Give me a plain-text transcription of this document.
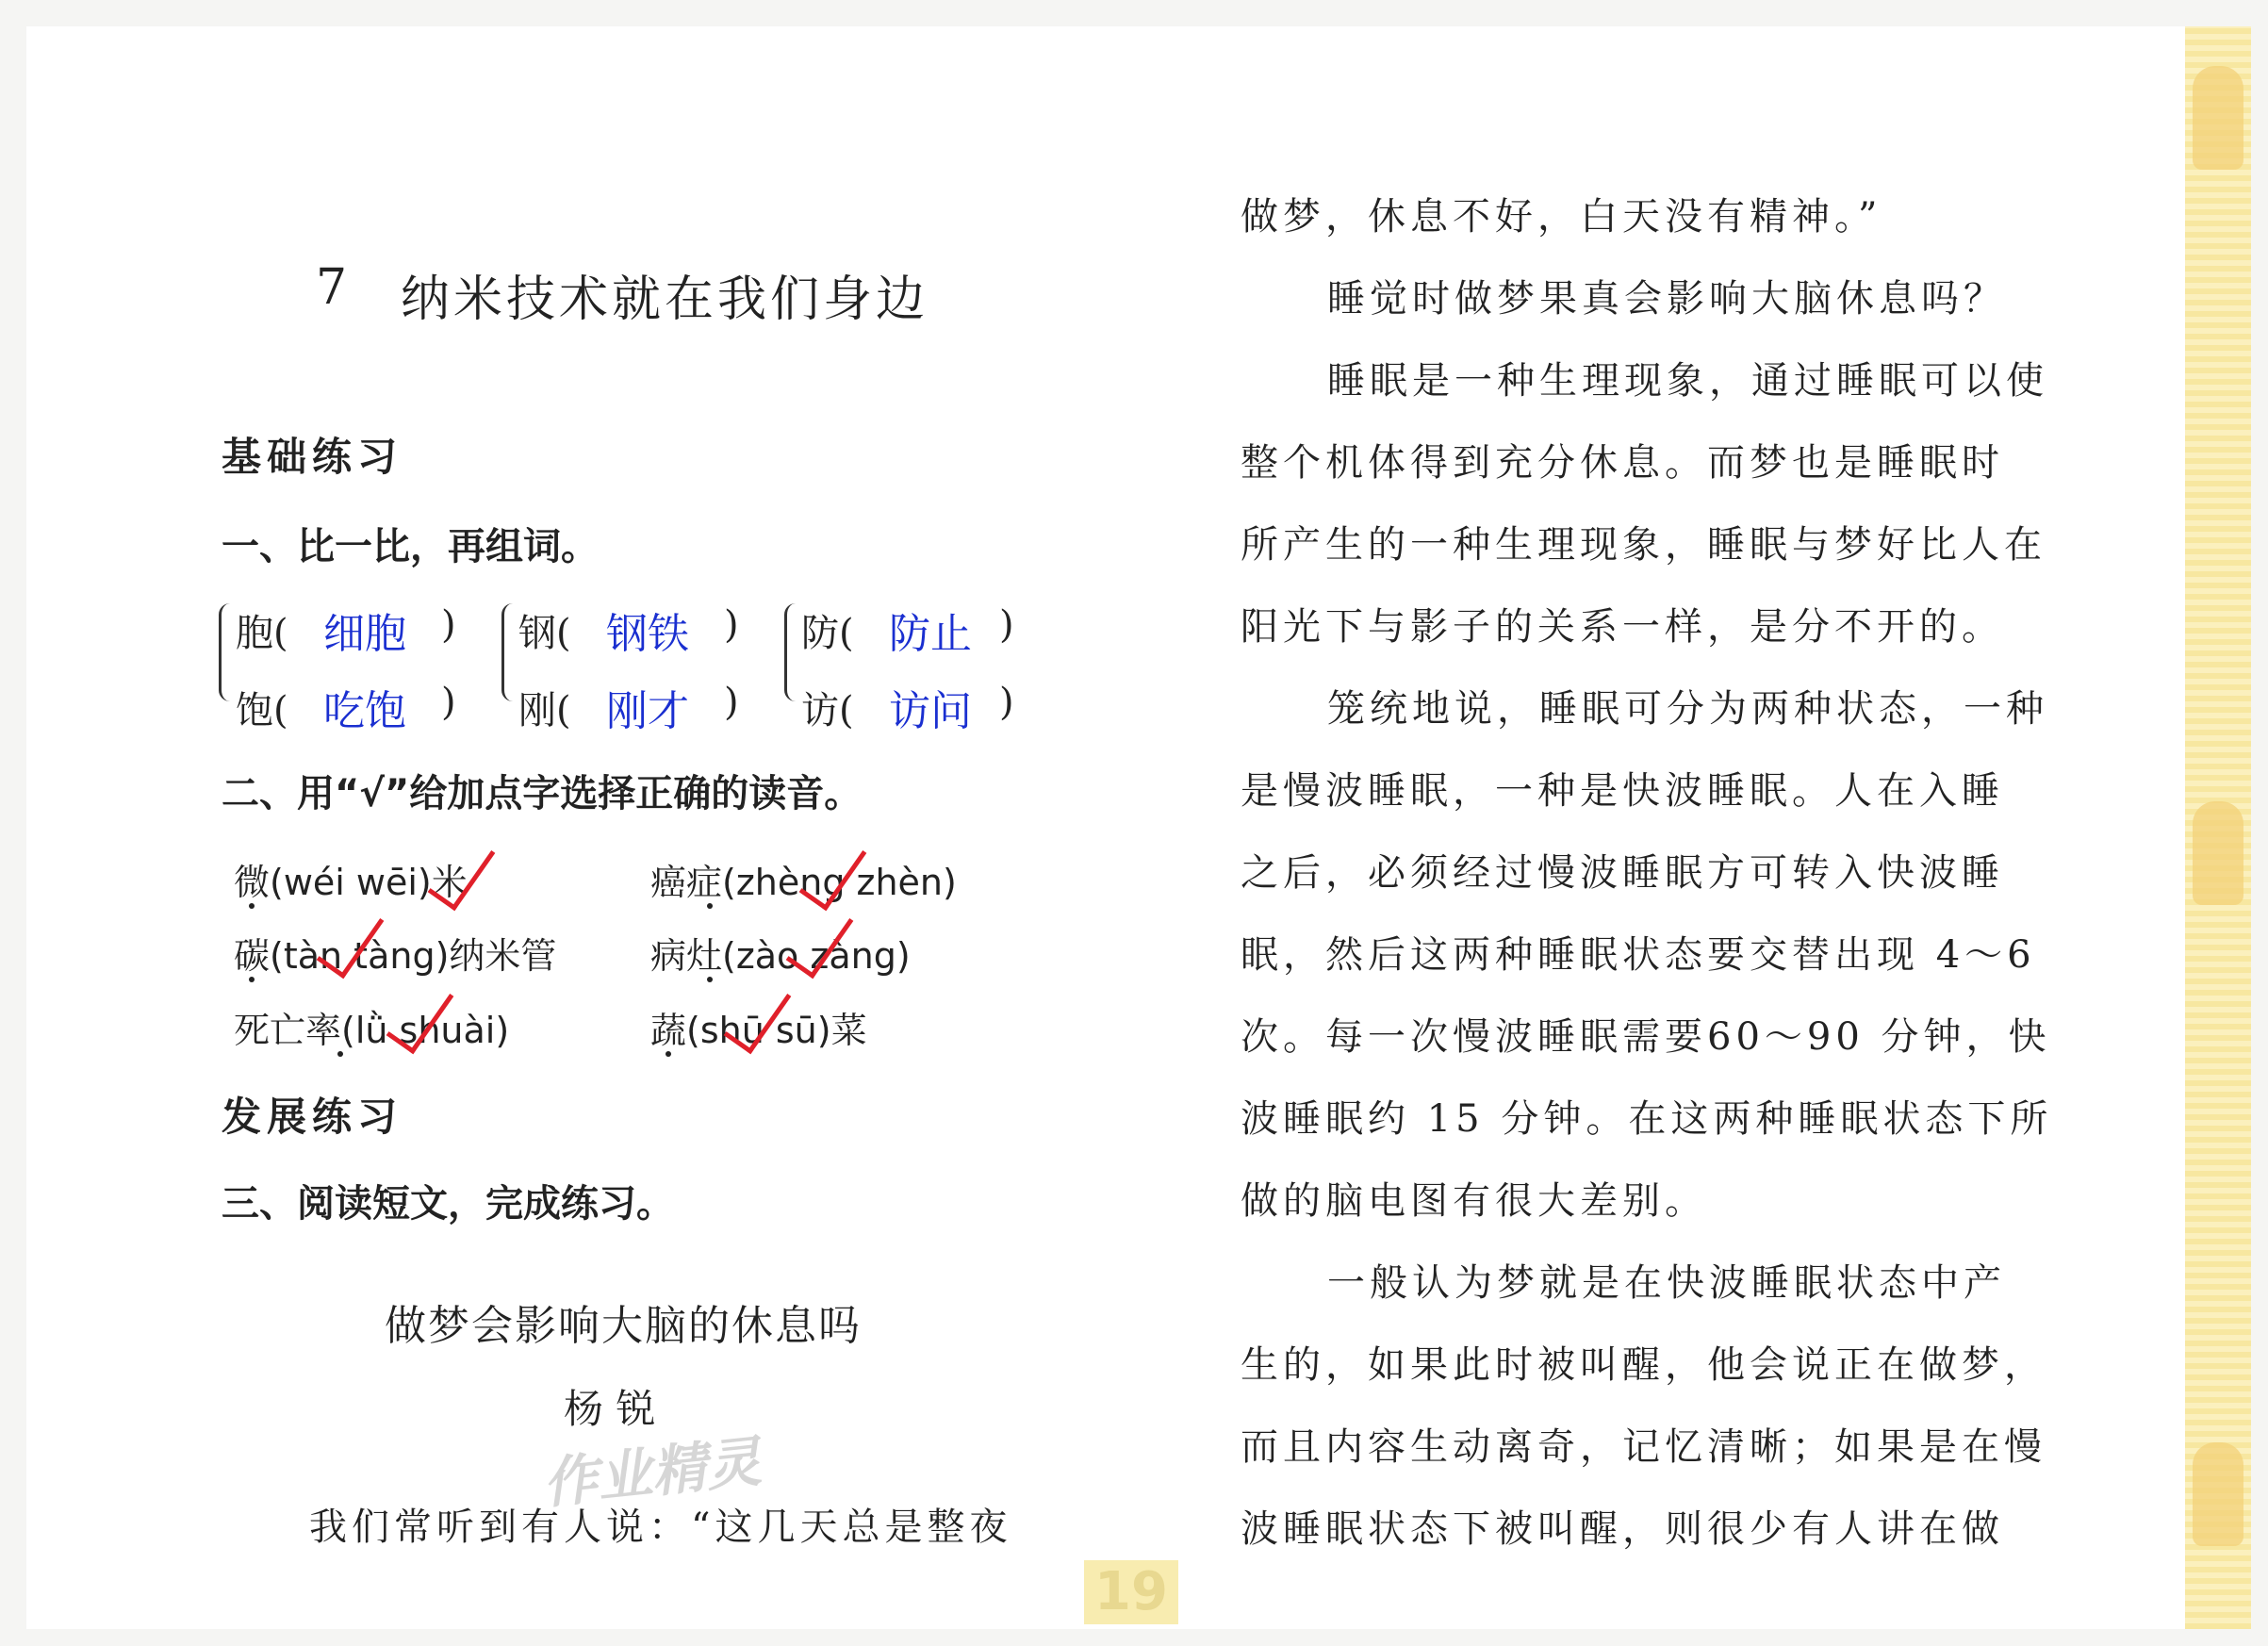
7 纳米技术就在我们身边
基础练习
一、比一比，再组词。
胞( 细胞 )
饱( 吃饱 )
钢( 钢铁 )
刚( 刚才 )
防( 防止 )
访( 访问 )
二、用“√”给加点字选择正确的读音。
微(wéi wēi)米	癌症(zhèng zhèn)
碳(tàn tàng)纳米管	病灶(zào zàng)
死亡率(lǜ shuài)	蔬(shū sū)菜
发展练习
三、阅读短文，完成练习。
做梦会影响大脑的休息吗
杨 锐
作业精灵
我们常听到有人说：“这几天总是整夜
做梦，休息不好，白天没有精神。”
睡觉时做梦果真会影响大脑休息吗？
睡眠是一种生理现象，通过睡眠可以使
整个机体得到充分休息。而梦也是睡眠时
所产生的一种生理现象，睡眠与梦好比人在
阳光下与影子的关系一样，是分不开的。
笼统地说，睡眠可分为两种状态，一种
是慢波睡眠，一种是快波睡眠。人在入睡
之后，必须经过慢波睡眠方可转入快波睡
眠，然后这两种睡眠状态要交替出现 4～6
次。每一次慢波睡眠需要60～90 分钟，快
波睡眠约 15 分钟。在这两种睡眠状态下所
做的脑电图有很大差别。
一般认为梦就是在快波睡眠状态中产
生的，如果此时被叫醒，他会说正在做梦，
而且内容生动离奇，记忆清晰；如果是在慢
波睡眠状态下被叫醒，则很少有人讲在做
19
